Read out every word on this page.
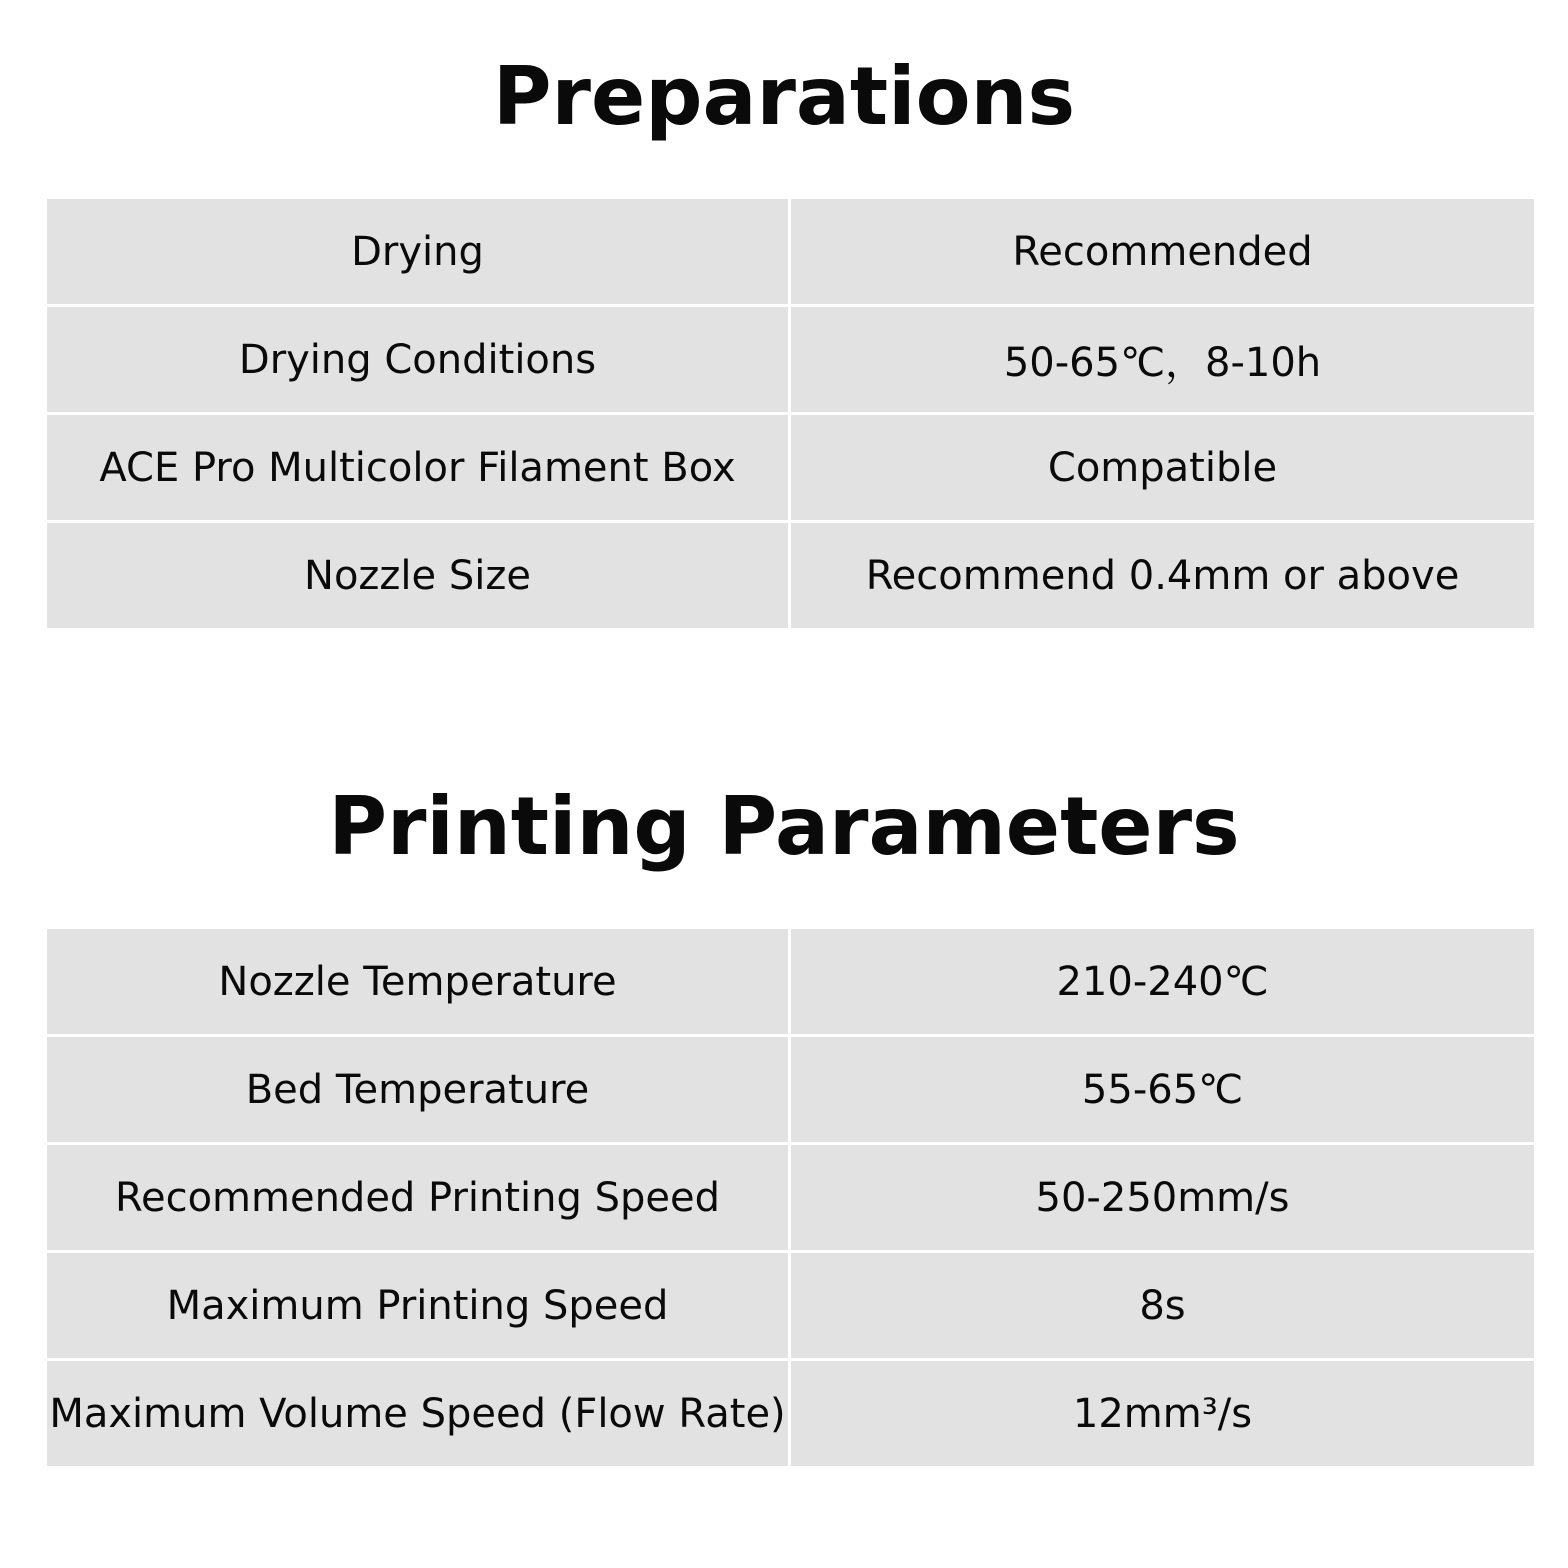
Preparations
Drying	Recommended
Drying Conditions	50-65℃，8-10h
ACE Pro Multicolor Filament Box	Compatible
Nozzle Size	Recommend 0.4mm or above
Printing Parameters
Nozzle Temperature	210-240℃
Bed Temperature	55-65℃
Recommended Printing Speed	50-250mm/s
Maximum Printing Speed	8s
Maximum Volume Speed (Flow Rate)	12mm³/s
